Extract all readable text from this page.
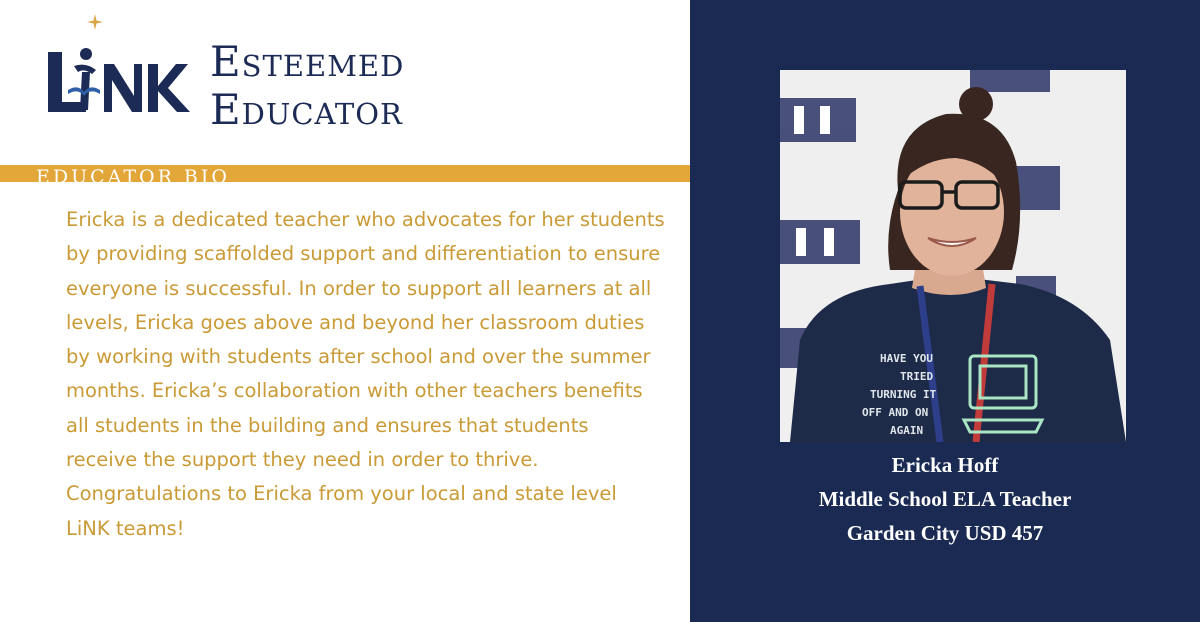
Esteemed
Educator
EDUCATOR BIO
Ericka is a dedicated teacher who advocates for her students by providing scaffolded support and differentiation to ensure everyone is successful. In order to support all learners at all levels, Ericka goes above and beyond her classroom duties by working with students after school and over the summer months. Ericka’s collaboration with other teachers benefits all students in the building and ensures that students receive the support they need in order to thrive. Congratulations to Ericka from your local and state level LiNK teams!
HAVE YOU
TRIED
TURNING IT
OFF AND ON
AGAIN
Ericka Hoff
Middle School ELA Teacher
Garden City USD 457
